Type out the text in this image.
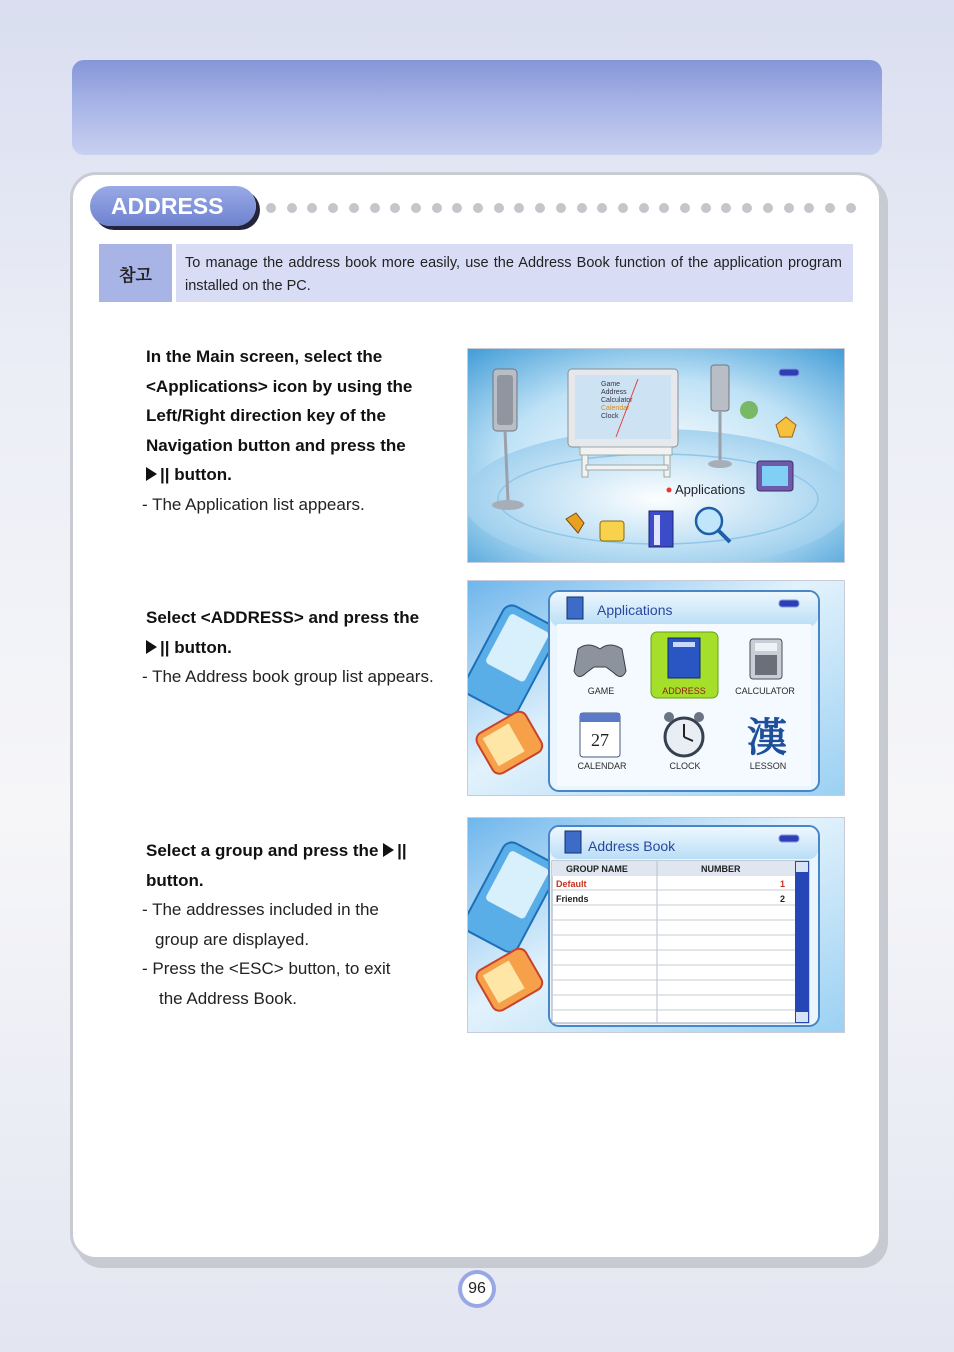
ADDRESS
참고
To manage the address book more easily, use the Address Book function of the application program installed on the PC.
In the Main screen, select the
<Applications> icon by using the
Left/Right direction key of the
Navigation button and press the
|| button.
- The Application list appears.
Select <ADDRESS> and press the
|| button.
- The Address book group list appears.
Select a group and press the ||
button.
- The addresses included in the
group are displayed.
- Press the <ESC> button, to exit
the Address Book.
Game
Address
Calculator
Calendar
Clock
Applications
Applications
GAME	ADDRESS	CALCULATOR
27
CALENDAR	CLOCK
漢
LESSON
Address Book
GROUP NAME	NUMBER
Default	1
Friends	2
96
